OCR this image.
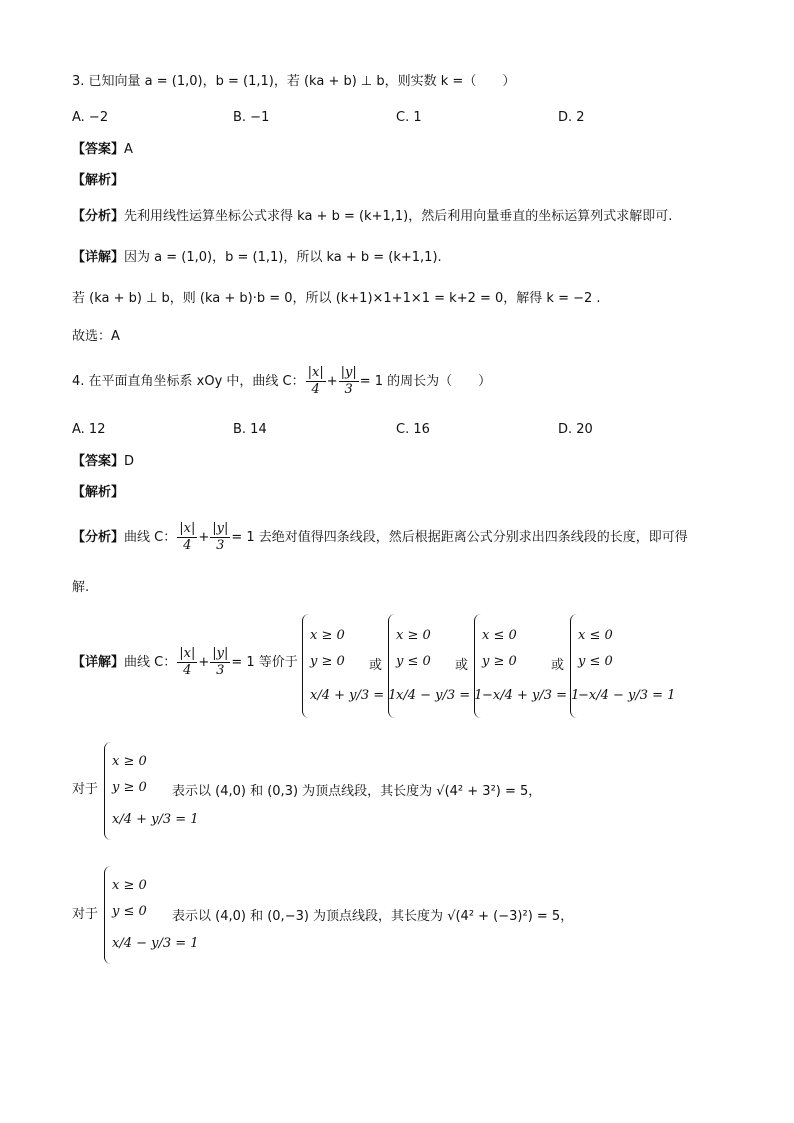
3. 已知向量 a = (1,0)，b = (1,1)，若 (ka + b) ⊥ b，则实数 k =（　　）
A. −2	B. −1	C. 1	D. 2
【答案】A
【解析】
【分析】先利用线性运算坐标公式求得 ka + b = (k+1,1)，然后利用向量垂直的坐标运算列式求解即可.
【详解】因为 a = (1,0)，b = (1,1)，所以 ka + b = (k+1,1).
若 (ka + b) ⊥ b，则 (ka + b)·b = 0，所以 (k+1)×1+1×1 = k+2 = 0，解得 k = −2 .
故选：A
4. 在平面直角坐标系 xOy 中，曲线 C： $\frac{|x|}{4} + \frac{|y|}{3} = 1$ 的周长为（　　）
A. 12	B. 14	C. 16	D. 20
【答案】D
【解析】
【分析】曲线 C： $\frac{|x|}{4} + \frac{|y|}{3} = 1$ 去绝对值得四条线段，然后根据距离公式分别求出四条线段的长度，即可得
解.
【详解】曲线 C： $\frac{|x|}{4} + \frac{|y|}{3} = 1$ 等价于
x ≥ 0
y ≥ 0
x/4 + y/3 = 1
或
x ≥ 0
y ≤ 0
x/4 − y/3 = 1
或
x ≤ 0
y ≥ 0
−x/4 + y/3 = 1
或
x ≤ 0
y ≤ 0
−x/4 − y/3 = 1
对于
x ≥ 0
y ≥ 0
x/4 + y/3 = 1
表示以 (4,0) 和 (0,3) 为顶点线段，其长度为 √(4² + 3²) = 5，
对于
x ≥ 0
y ≤ 0
x/4 − y/3 = 1
表示以 (4,0) 和 (0,−3) 为顶点线段，其长度为 √(4² + (−3)²) = 5，
